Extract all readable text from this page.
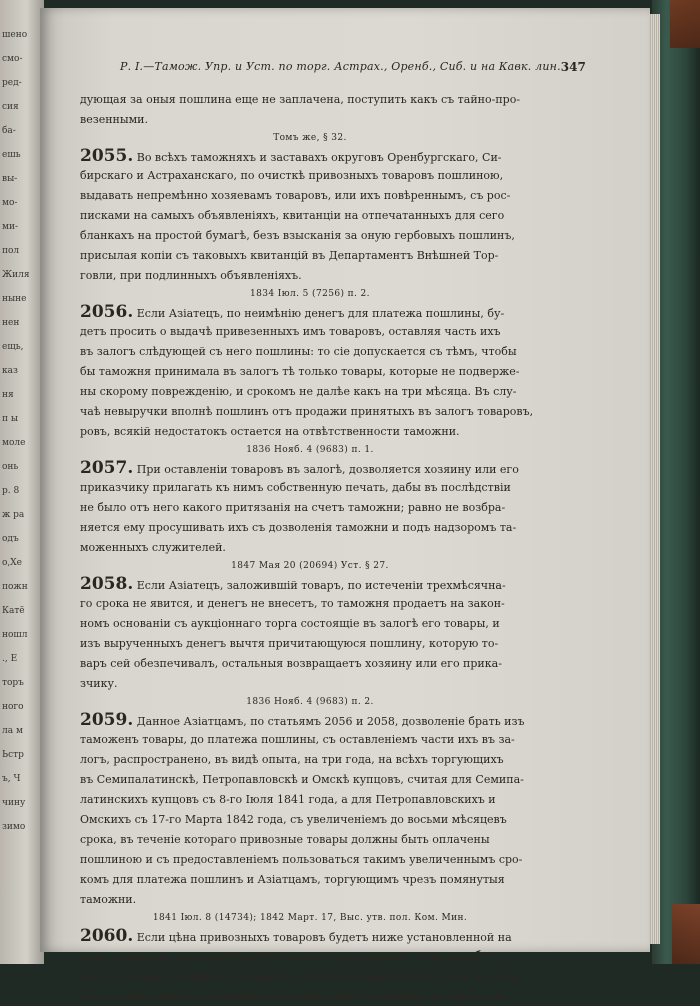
шено
смо-
ред-
сия
ба-
ешь
вы-
мо-
ми-
пол
Жиля
ныне
нен
ещь,
каз
ня
п ы
моле
онь
р. 8
ж ра
одъ
о,Хе
пожн
Катё
ношл
., Е
торъ
ного
ла м
Ьстр
ъ, Ч
чину
зимо
Р. І.—Тамож. Упр. и Уст. по торг. Астрах., Оренб., Сиб. и на Кавк. лин. 347
дующая за оныя пошлина еще не заплачена, поступить какъ съ тайно-про-
везенными.
Томъ же, § 32.
2055. Во всѣхъ таможняхъ и заставахъ округовъ Оренбургскаго, Си-
бирскаго и Астраханскаго, по очисткѣ привозныхъ товаровъ пошлиною,
выдавать непремѣнно хозяевамъ товаровъ, или ихъ повѣреннымъ, съ рос-
писками на самыхъ объявленіяхъ, квитанціи на отпечатанныхъ для сего
бланкахъ на простой бумагѣ, безъ взысканія за оную гербовыхъ пошлинъ,
присылая копіи съ таковыхъ квитанцій въ Департаментъ Внѣшней Тор-
говли, при подлинныхъ объявленіяхъ.
1834 Іюл. 5 (7256) п. 2.
2056. Если Азіатецъ, по неимѣнію денегъ для платежа пошлины, бу-
детъ просить о выдачѣ привезенныхъ имъ товаровъ, оставляя часть ихъ
въ залогъ слѣдующей съ него пошлины: то сіе допускается съ тѣмъ, чтобы
бы таможня принимала въ залогъ тѣ только товары, которые не подверже-
ны скорому поврежденію, и срокомъ не далѣе какъ на три мѣсяца. Въ слу-
чаѣ невыручки вполнѣ пошлинъ отъ продажи принятыхъ въ залогъ товаровъ,
ровъ, всякій недостатокъ остается на отвѣтственности таможни.
1836 Нояб. 4 (9683) п. 1.
2057. При оставленіи товаровъ въ залогѣ, дозволяется хозяину или его
приказчику прилагать къ нимъ собственную печать, дабы въ послѣдствіи
не было отъ него какого притязанія на счетъ таможни; равно не возбра-
няется ему просушивать ихъ съ дозволенія таможни и подъ надзоромъ та-
моженныхъ служителей.
1847 Мая 20 (20694) Уст. § 27.
2058. Если Азіатецъ, заложившій товаръ, по истеченіи трехмѣсячна-
го срока не явится, и денегъ не внесетъ, то таможня продаетъ на закон-
номъ основаніи съ аукціоннаго торга состоящіе въ залогѣ его товары, и
изъ вырученныхъ денегъ вычтя причитающуюся пошлину, которую то-
варъ сей обезпечивалъ, остальныя возвращаетъ хозяину или его прика-
зчику.
1836 Нояб. 4 (9683) п. 2.
2059. Данное Азіатцамъ, по статьямъ 2056 и 2058, дозволеніе брать изъ
таможенъ товары, до платежа пошлины, съ оставленіемъ части ихъ въ за-
логъ, распространено, въ видѣ опыта, на три года, на всѣхъ торгующихъ
въ Семипалатинскѣ, Петропавловскѣ и Омскѣ купцовъ, считая для Семипа-
латинскихъ купцовъ съ 8-го Іюля 1841 года, а для Петропавловскихъ и
Омскихъ съ 17-го Марта 1842 года, съ увеличеніемъ до восьми мѣсяцевъ
срока, въ теченіе котораго привозные товары должны быть оплачены
пошлиною и съ предоставленіемъ пользоваться такимъ увеличеннымъ сро-
комъ для платежа пошлинъ и Азіатцамъ, торгующимъ чрезъ помянутыя
таможни.
1841 Іюл. 8 (14734); 1842 Март. 17, Выс. утв. пол. Ком. Мин.
2060. Если цѣна привозныхъ товаровъ будетъ ниже установленной на
оные пошлины, и купцы станутъ отъ нихъ отказываться, то въ подоб-
ныхъ случаяхъ таможня обязывается хозяина подпискою въ томъ, что онъ
товаръ свой уступаетъ совершенно казнѣ вмѣсто пошлины, не требуя въ
